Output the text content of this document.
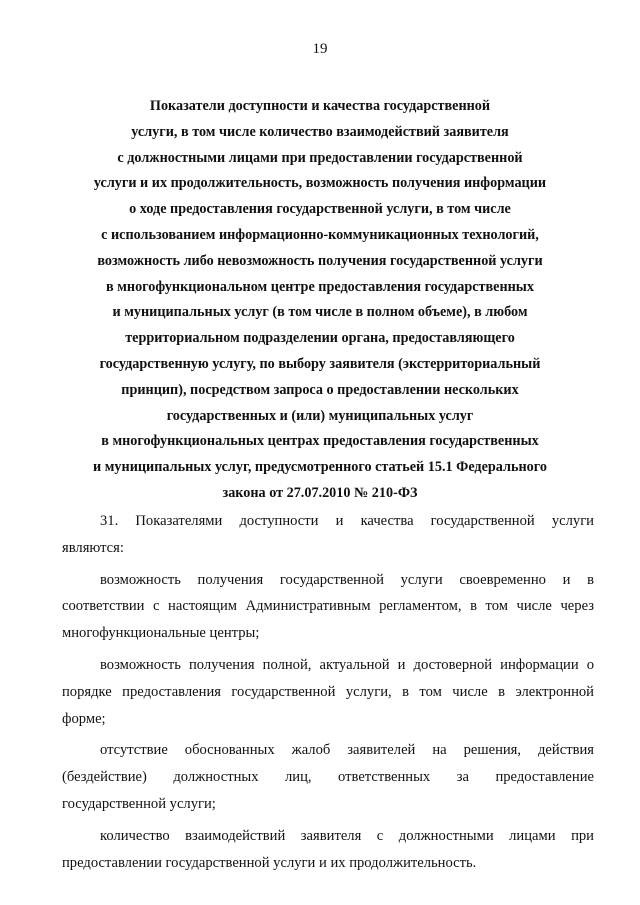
19
Показатели доступности и качества государственной
услуги, в том числе количество взаимодействий заявителя
с должностными лицами при предоставлении государственной
услуги и их продолжительность, возможность получения информации
о ходе предоставления государственной услуги, в том числе
с использованием информационно-коммуникационных технологий,
возможность либо невозможность получения государственной услуги
в многофункциональном центре предоставления государственных
и муниципальных услуг (в том числе в полном объеме), в любом
территориальном подразделении органа, предоставляющего
государственную услугу, по выбору заявителя (экстерриториальный
принцип), посредством запроса о предоставлении нескольких
государственных и (или) муниципальных услуг
в многофункциональных центрах предоставления государственных
и муниципальных услуг, предусмотренного статьей 15.1 Федерального
закона от 27.07.2010 № 210-ФЗ
31. Показателями доступности и качества государственной услуги
являются:
возможность получения государственной услуги своевременно и в
соответствии с настоящим Административным регламентом, в том числе через
многофункциональные центры;
возможность получения полной, актуальной и достоверной информации о
порядке предоставления государственной услуги, в том числе в электронной
форме;
отсутствие обоснованных жалоб заявителей на решения, действия
(бездействие) должностных лиц, ответственных за предоставление
государственной услуги;
количество взаимодействий заявителя с должностными лицами при
предоставлении государственной услуги и их продолжительность.
